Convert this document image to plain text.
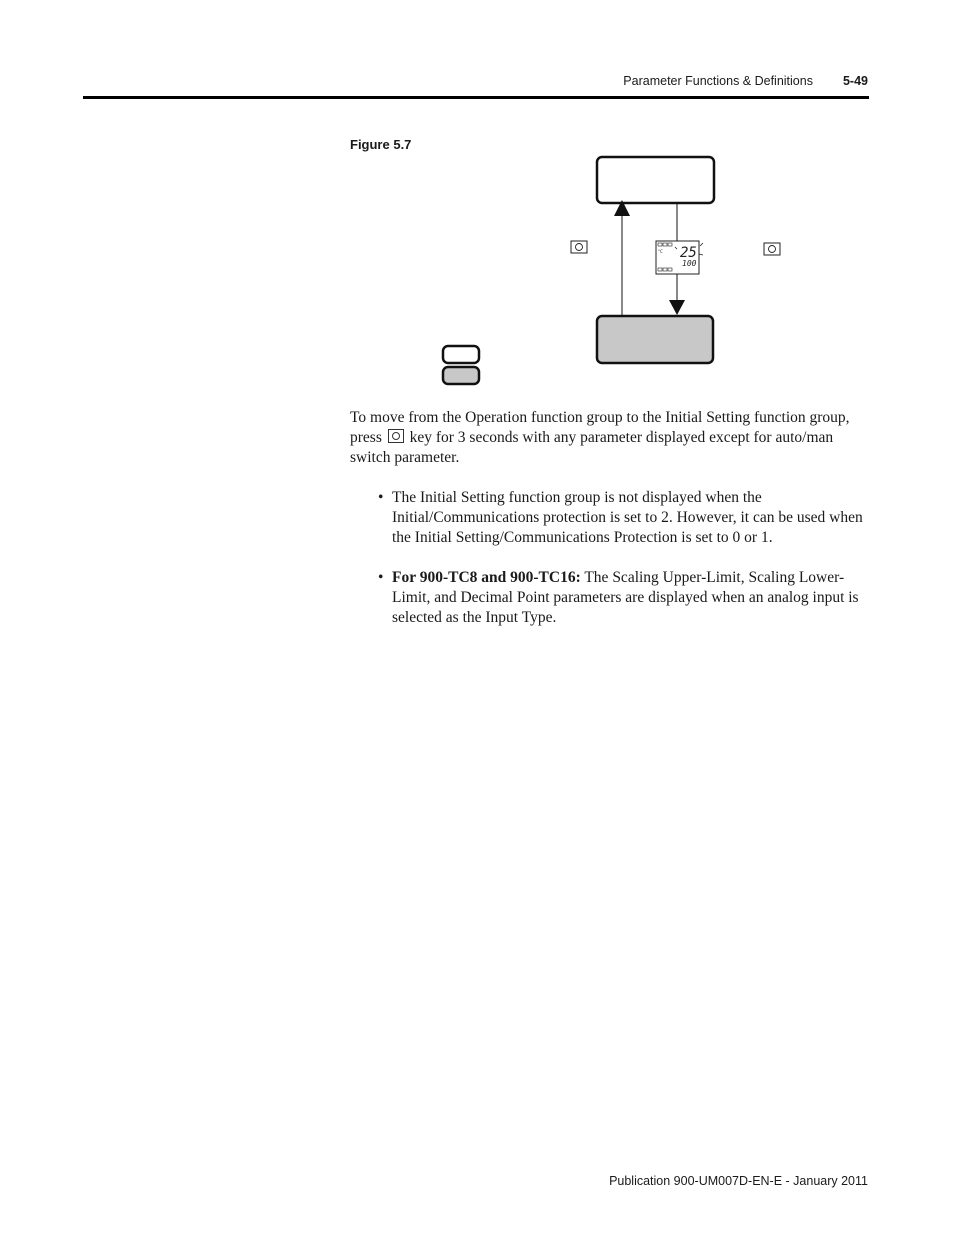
Parameter Functions & Definitions 5-49
Figure 5.7
°C 25
100

To move from the Operation function group to the Initial Setting function group, press key for 3 seconds with any parameter displayed except for auto/man switch parameter.

• The Initial Setting function group is not displayed when the Initial/Communications protection is set to 2. However, it can be used when the Initial Setting/Communications Protection is set to 0 or 1.
• For 900-TC8 and 900-TC16: The Scaling Upper-Limit, Scaling Lower-Limit, and Decimal Point parameters are displayed when an analog input is selected as the Input Type.
Publication 900-UM007D-EN-E - January 2011
